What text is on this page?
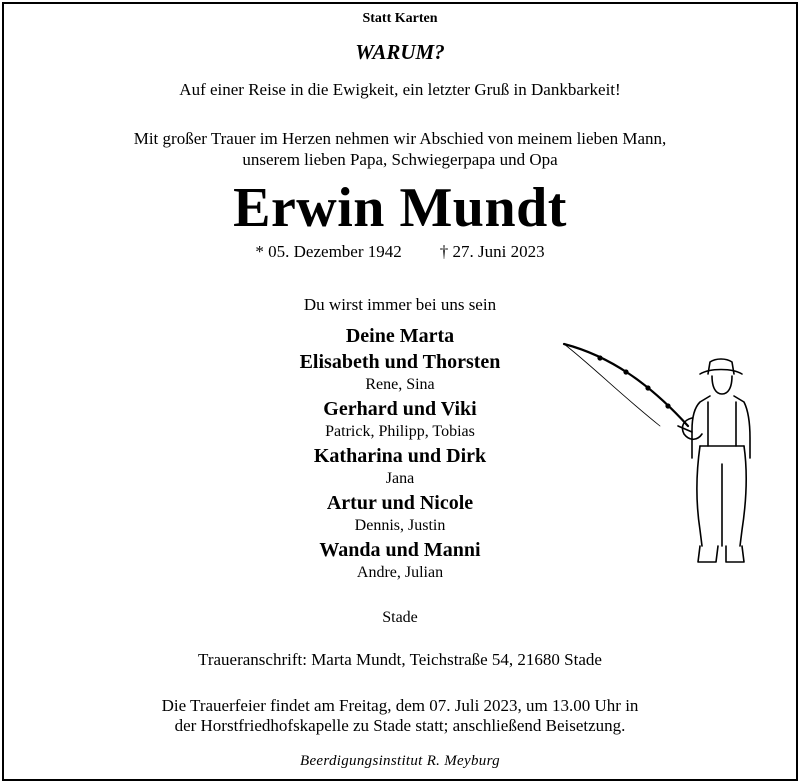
Statt Karten
WARUM?
Auf einer Reise in die Ewigkeit, ein letzter Gruß in Dankbarkeit!
Mit großer Trauer im Herzen nehmen wir Abschied von meinem lieben Mann,
unserem lieben Papa, Schwiegerpapa und Opa
Erwin Mundt
* 05. Dezember 1942 † 27. Juni 2023
Du wirst immer bei uns sein
Deine Marta
Elisabeth und Thorsten
Rene, Sina
Gerhard und Viki
Patrick, Philipp, Tobias
Katharina und Dirk
Jana
Artur und Nicole
Dennis, Justin
Wanda und Manni
Andre, Julian
Stade
Traueranschrift: Marta Mundt, Teichstraße 54, 21680 Stade
Die Trauerfeier findet am Freitag, dem 07. Juli 2023, um 13.00 Uhr in
der Horstfriedhofskapelle zu Stade statt; anschließend Beisetzung.
Beerdigungsinstitut R. Meyburg
